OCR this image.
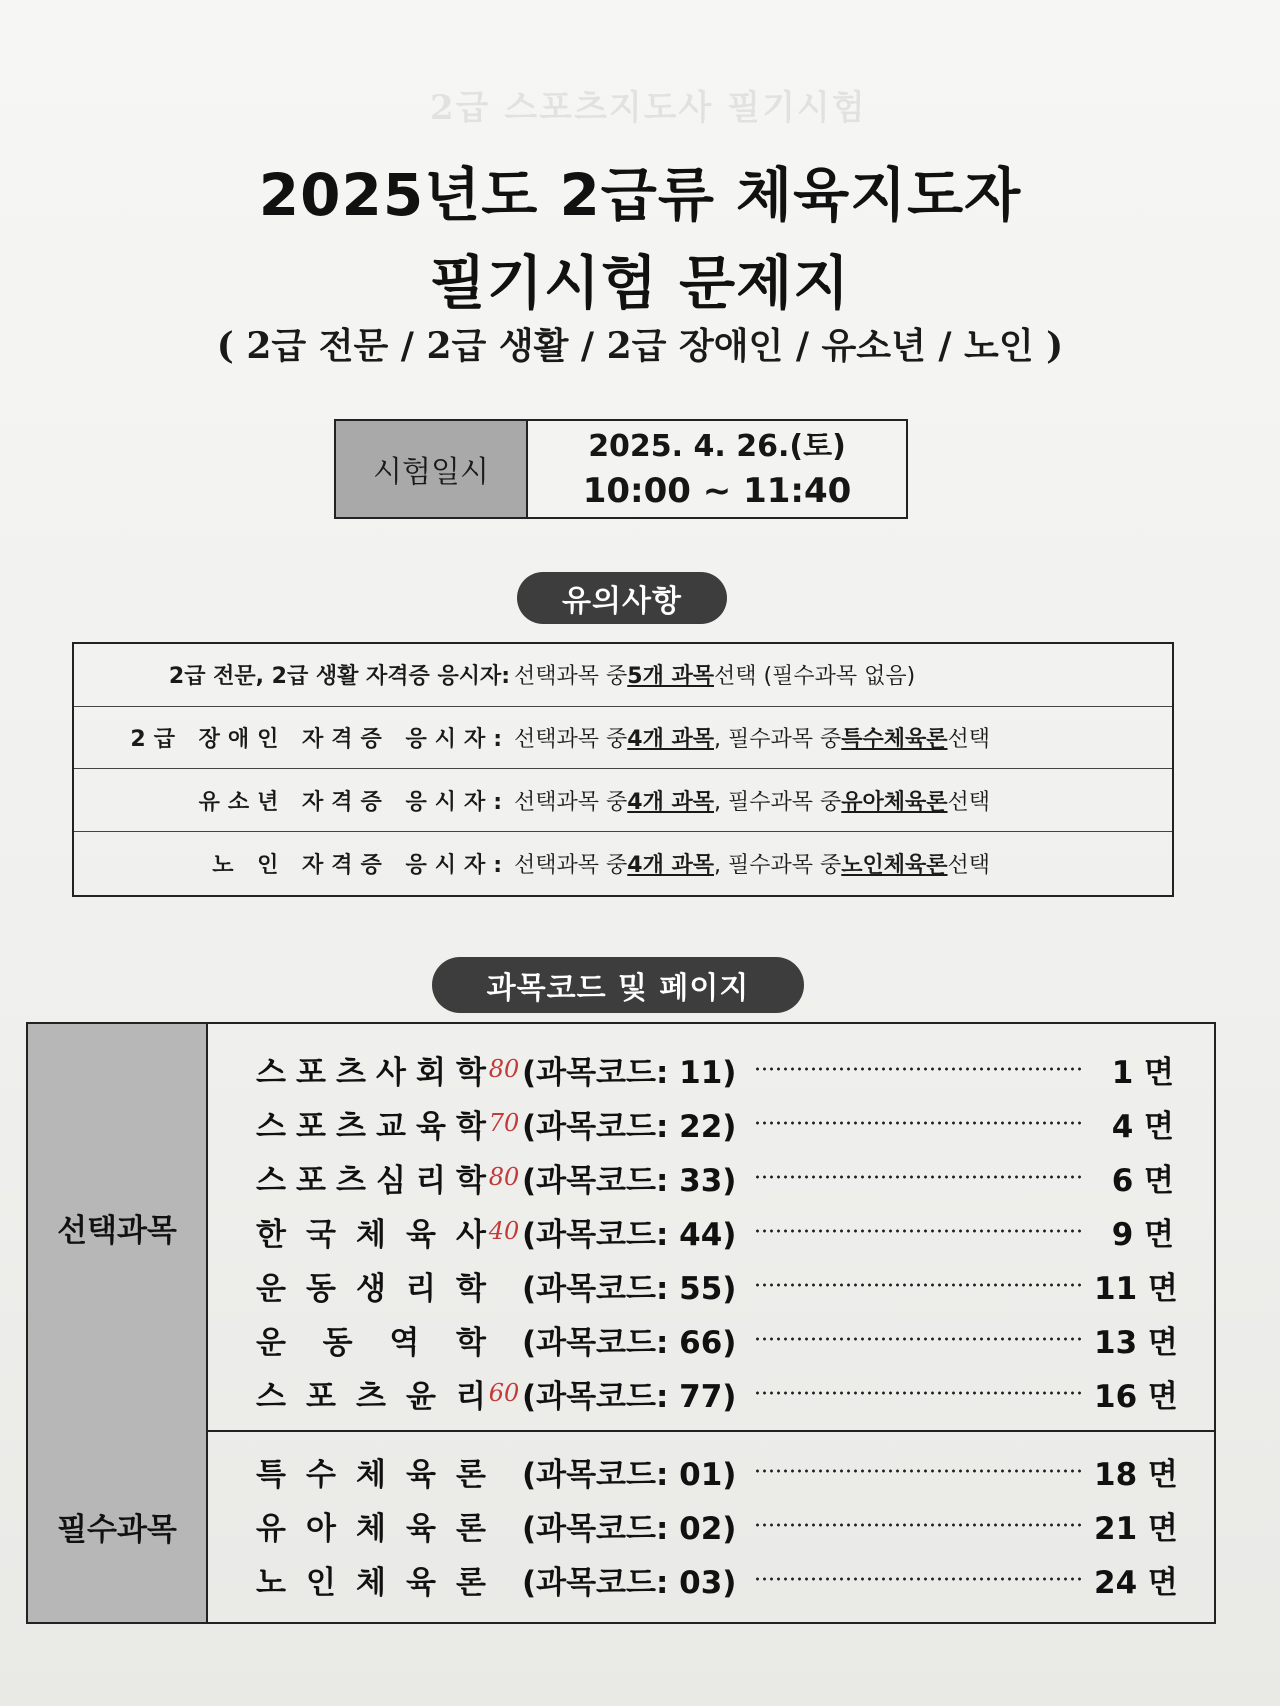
2급 스포츠지도사 필기시험
2025년도 2급류 체육지도자
필기시험 문제지
( 2급 전문 / 2급 생활 / 2급 장애인 / 유소년 / 노인 )
시험일시
2025. 4. 26.(토)
10:00 ~ 11:40
유의사항
2급 전문, 2급 생활 자격증 응시자: 선택과목 중 5개 과목 선택 (필수과목 없음)
2급 장애인 자격증 응시자: 선택과목 중 4개 과목 , 필수과목 중 특수체육론 선택
유소년 자격증 응시자: 선택과목 중 4개 과목 , 필수과목 중 유아체육론 선택
노 인 자격증 응시자: 선택과목 중 4개 과목 , 필수과목 중 노인체육론 선택
과목코드 및 페이지
선택과목
스 포 츠 사 회 학 80 (과목코드: 11)	1 면
스 포 츠 교 육 학 70 (과목코드: 22)	4 면
스 포 츠 심 리 학 80 (과목코드: 33)	6 면
한 국 체 육 사 40 (과목코드: 44)	9 면
운 동 생 리 학 (과목코드: 55)	11 면
운 동 역 학 (과목코드: 66)	13 면
스 포 츠 윤 리 60 (과목코드: 77)	16 면
필수과목
특 수 체 육 론 (과목코드: 01)	18 면
유 아 체 육 론 (과목코드: 02)	21 면
노 인 체 육 론 (과목코드: 03)	24 면
